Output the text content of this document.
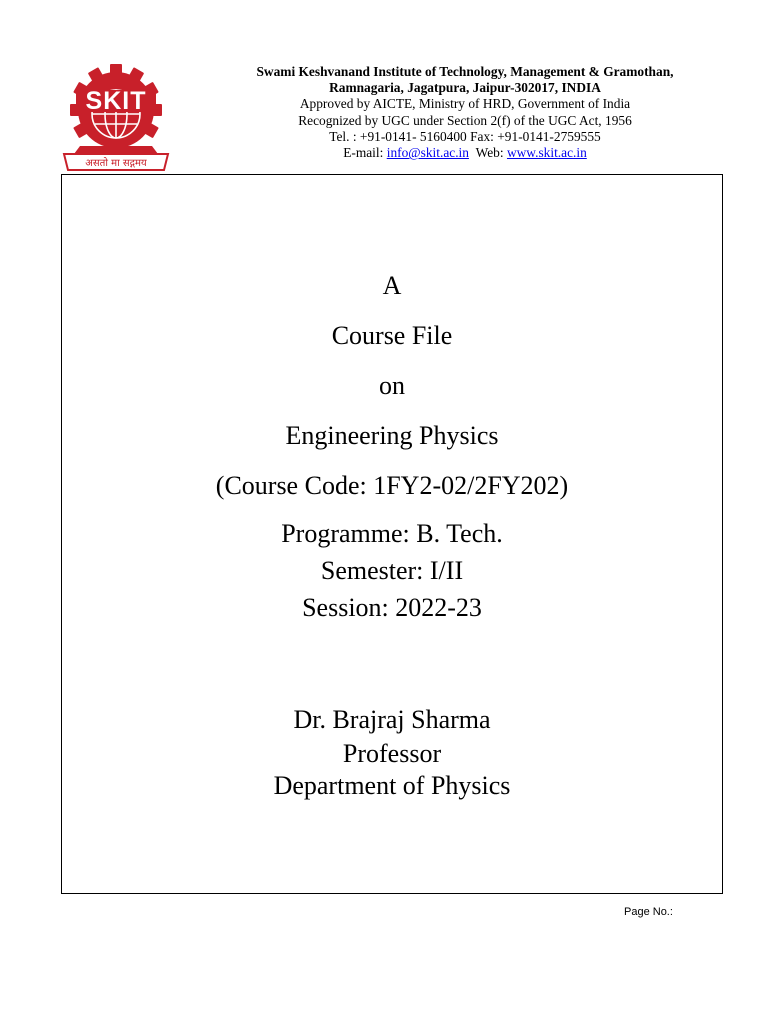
SKIT
असतो मा सद्गमय
Swami Keshvanand Institute of Technology, Management & Gramothan,
Ramnagaria, Jagatpura, Jaipur-302017, INDIA
Approved by AICTE, Ministry of HRD, Government of India
Recognized by UGC under Section 2(f) of the UGC Act, 1956
Tel. : +91-0141- 5160400 Fax: +91-0141-2759555
E-mail: info@skit.ac.in Web: www.skit.ac.in
A
Course File
on
Engineering Physics
(Course Code: 1FY2-02/2FY202)
Programme: B. Tech.
Semester: I/II
Session: 2022-23
Dr. Brajraj Sharma
Professor
Department of Physics
Page No.:
